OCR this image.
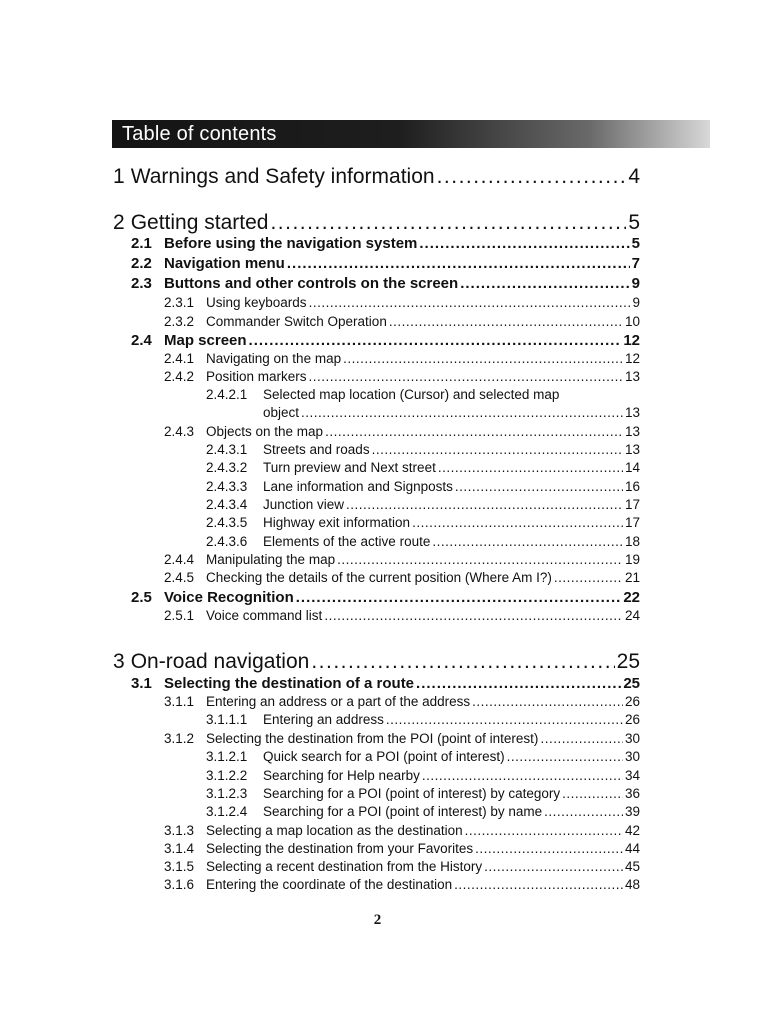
Table of contents
1 Warnings and Safety information .....	4
2 Getting started .....	5
2.1 Before using the navigation system .....	5
2.2 Navigation menu .....	7
2.3 Buttons and other controls on the screen .....	9
2.3.1 Using keyboards .....	9
2.3.2 Commander Switch Operation .....	10
2.4 Map screen .....	12
2.4.1 Navigating on the map .....	12
2.4.2 Position markers .....	13
2.4.2.1 Selected map location (Cursor) and selected map
object .....	13
2.4.3 Objects on the map .....	13
2.4.3.1	Streets and roads .....	13
2.4.3.2	Turn preview and Next street .....	14
2.4.3.3	Lane information and Signposts .....	16
2.4.3.4	Junction view .....	17
2.4.3.5	Highway exit information .....	17
2.4.3.6	Elements of the active route .....	18
2.4.4 Manipulating the map .....	19
2.4.5 Checking the details of the current position (Where Am I?) .....	21
2.5 Voice Recognition .....	22
2.5.1 Voice command list .....	24
3 On-road navigation .....	25
3.1 Selecting the destination of a route .....	25
3.1.1 Entering an address or a part of the address .....	26
3.1.1.1	Entering an address .....	26
3.1.2 Selecting the destination from the POI (point of interest) .....	30
3.1.2.1	Quick search for a POI (point of interest) .....	30
3.1.2.2	Searching for Help nearby .....	34
3.1.2.3	Searching for a POI (point of interest) by category .....	36
3.1.2.4	Searching for a POI (point of interest) by name .....	39
3.1.3 Selecting a map location as the destination .....	42
3.1.4 Selecting the destination from your Favorites .....	44
3.1.5 Selecting a recent destination from the History .....	45
3.1.6 Entering the coordinate of the destination .....	48
2
